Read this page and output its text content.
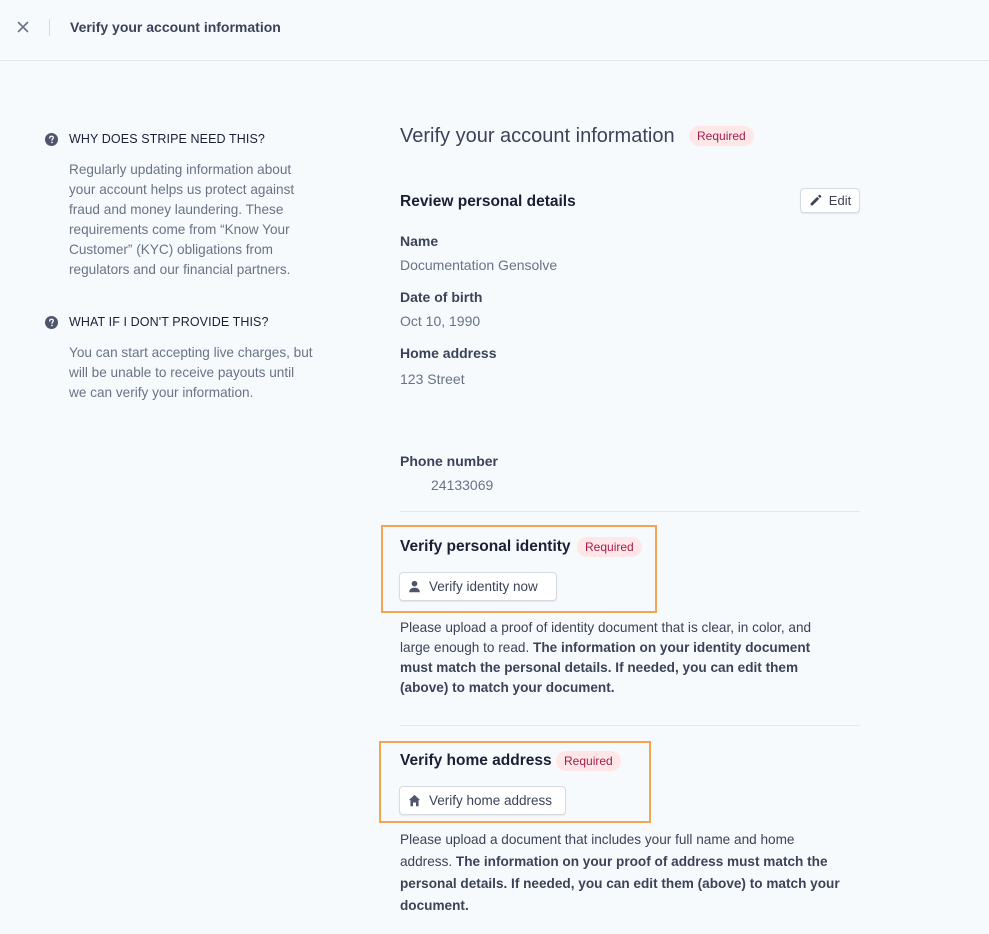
Verify your account information
WHY DOES STRIPE NEED THIS?
Regularly updating information about your account helps us protect against fraud and money laundering. These requirements come from “Know Your Customer” (KYC) obligations from regulators and our financial partners.
WHAT IF I DON'T PROVIDE THIS?
You can start accepting live charges, but will be unable to receive payouts until we can verify your information.
Verify your account information	Required
Review personal details	Edit
Name
Documentation Gensolve
Date of birth
Oct 10, 1990
Home address
123 Street
Phone number
24133069
Verify personal identity	Required
Verify identity now
Please upload a proof of identity document that is clear, in color, and large enough to read. The information on your identity document must match the personal details. If needed, you can edit them (above) to match your document.
Verify home address	Required
Verify home address
Please upload a document that includes your full name and home address. The information on your proof of address must match the personal details. If needed, you can edit them (above) to match your document.
